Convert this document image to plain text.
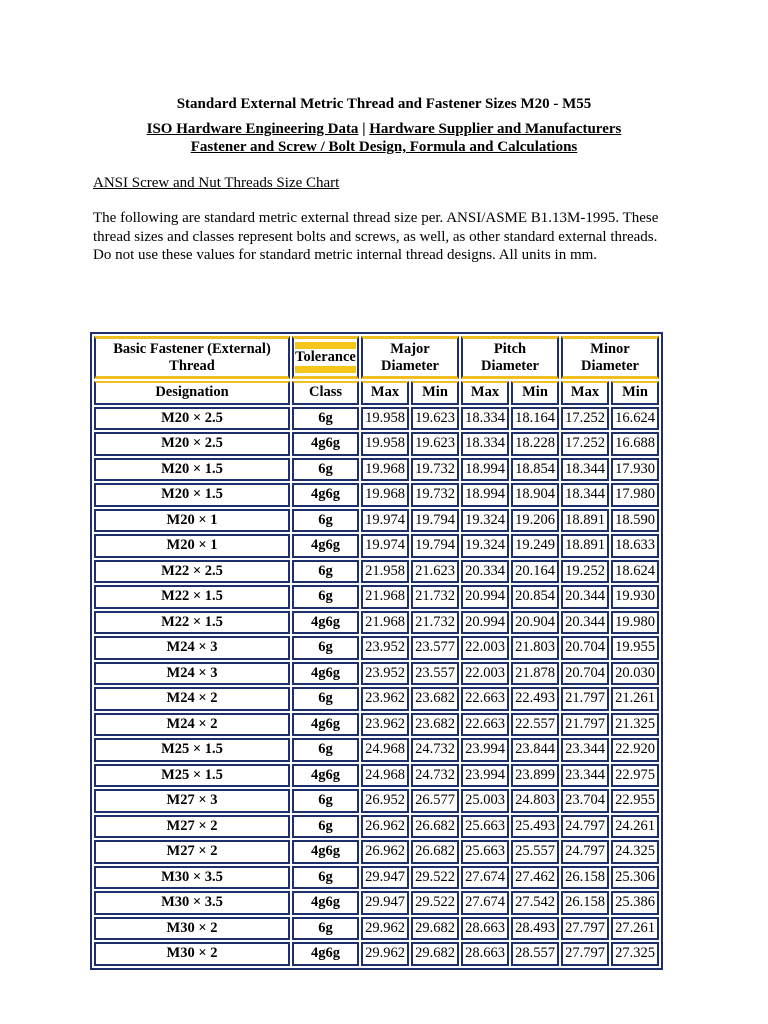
Standard External Metric Thread and Fastener Sizes M20 - M55
ISO Hardware Engineering Data | Hardware Supplier and Manufacturers
Fastener and Screw / Bolt Design, Formula and Calculations
ANSI Screw and Nut Threads Size Chart

The following are standard metric external thread size per. ANSI/ASME B1.13M-1995. These

thread sizes and classes represent bolts and screws, as well, as other standard external threads.

Do not use these values for standard metric internal thread designs. All units in mm.

Basic Fastener (External) Thread	Tolerance	Major Diameter		Pitch Diameter		Minor Diameter	
Designation	Class	Max	Min	Max	Min	Max	Min
M20 × 2.5	6g	19.958	19.623	18.334	18.164	17.252	16.624
M20 × 2.5	4g6g	19.958	19.623	18.334	18.228	17.252	16.688
M20 × 1.5	6g	19.968	19.732	18.994	18.854	18.344	17.930
M20 × 1.5	4g6g	19.968	19.732	18.994	18.904	18.344	17.980
M20 × 1	6g	19.974	19.794	19.324	19.206	18.891	18.590
M20 × 1	4g6g	19.974	19.794	19.324	19.249	18.891	18.633
M22 × 2.5	6g	21.958	21.623	20.334	20.164	19.252	18.624
M22 × 1.5	6g	21.968	21.732	20.994	20.854	20.344	19.930
M22 × 1.5	4g6g	21.968	21.732	20.994	20.904	20.344	19.980
M24 × 3	6g	23.952	23.577	22.003	21.803	20.704	19.955
M24 × 3	4g6g	23.952	23.557	22.003	21.878	20.704	20.030
M24 × 2	6g	23.962	23.682	22.663	22.493	21.797	21.261
M24 × 2	4g6g	23.962	23.682	22.663	22.557	21.797	21.325
M25 × 1.5	6g	24.968	24.732	23.994	23.844	23.344	22.920
M25 × 1.5	4g6g	24.968	24.732	23.994	23.899	23.344	22.975
M27 × 3	6g	26.952	26.577	25.003	24.803	23.704	22.955
M27 × 2	6g	26.962	26.682	25.663	25.493	24.797	24.261
M27 × 2	4g6g	26.962	26.682	25.663	25.557	24.797	24.325
M30 × 3.5	6g	29.947	29.522	27.674	27.462	26.158	25.306
M30 × 3.5	4g6g	29.947	29.522	27.674	27.542	26.158	25.386
M30 × 2	6g	29.962	29.682	28.663	28.493	27.797	27.261
M30 × 2	4g6g	29.962	29.682	28.663	28.557	27.797	27.325
